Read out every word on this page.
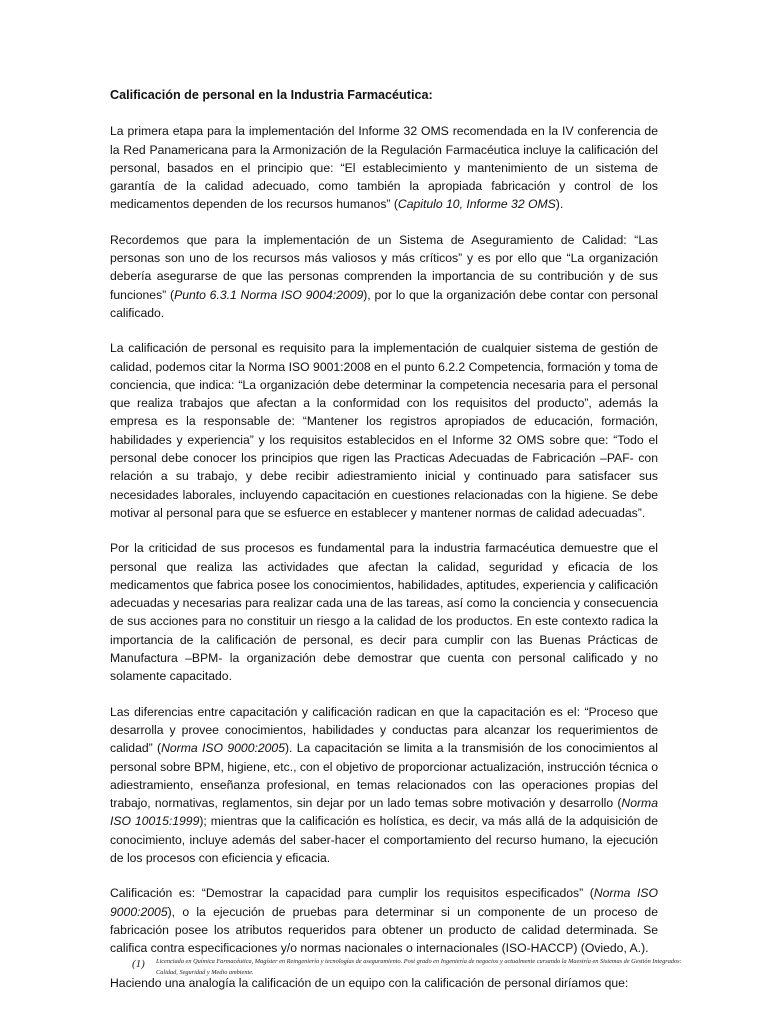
Calificación de personal en la Industria Farmacéutica:

La primera etapa para la implementación del Informe 32 OMS recomendada en la IV conferencia de la Red Panamericana para la Armonización de la Regulación Farmacéutica incluye la calificación del personal, basados en el principio que: “El establecimiento y mantenimiento de un sistema de garantía de la calidad adecuado, como también la apropiada fabricación y control de los medicamentos dependen de los recursos humanos” (Capitulo 10, Informe 32 OMS).

Recordemos que para la implementación de un Sistema de Aseguramiento de Calidad: “Las personas son uno de los recursos más valiosos y más críticos” y es por ello que “La organización debería asegurarse de que las personas comprenden la importancia de su contribución y de sus funciones” (Punto 6.3.1 Norma ISO 9004:2009), por lo que la organización debe contar con personal calificado.

La calificación de personal es requisito para la implementación de cualquier sistema de gestión de calidad, podemos citar la Norma ISO 9001:2008 en el punto 6.2.2 Competencia, formación y toma de conciencia, que indica: “La organización debe determinar la competencia necesaria para el personal que realiza trabajos que afectan a la conformidad con los requisitos del producto”, además la empresa es la responsable de: “Mantener los registros apropiados de educación, formación, habilidades y experiencia” y los requisitos establecidos en el Informe 32 OMS sobre que: “Todo el personal debe conocer los principios que rigen las Practicas Adecuadas de Fabricación –PAF- con relación a su trabajo, y debe recibir adiestramiento inicial y continuado para satisfacer sus necesidades laborales, incluyendo capacitación en cuestiones relacionadas con la higiene. Se debe motivar al personal para que se esfuerce en establecer y mantener normas de calidad adecuadas”.

Por la criticidad de sus procesos es fundamental para la industria farmacéutica demuestre que el personal que realiza las actividades que afectan la calidad, seguridad y eficacia de los medicamentos que fabrica posee los conocimientos, habilidades, aptitudes, experiencia y calificación adecuadas y necesarias para realizar cada una de las tareas, así como la conciencia y consecuencia de sus acciones para no constituir un riesgo a la calidad de los productos. En este contexto radica la importancia de la calificación de personal, es decir para cumplir con las Buenas Prácticas de Manufactura –BPM- la organización debe demostrar que cuenta con personal calificado y no solamente capacitado.

Las diferencias entre capacitación y calificación radican en que la capacitación es el: “Proceso que desarrolla y provee conocimientos, habilidades y conductas para alcanzar los requerimientos de calidad” (Norma ISO 9000:2005). La capacitación se limita a la transmisión de los conocimientos al personal sobre BPM, higiene, etc., con el objetivo de proporcionar actualización, instrucción técnica o adiestramiento, enseñanza profesional, en temas relacionados con las operaciones propias del trabajo, normativas, reglamentos, sin dejar por un lado temas sobre motivación y desarrollo (Norma ISO 10015:1999); mientras que la calificación es holística, es decir, va más allá de la adquisición de conocimiento, incluye además del saber-hacer el comportamiento del recurso humano, la ejecución de los procesos con eficiencia y eficacia.

Calificación es: “Demostrar la capacidad para cumplir los requisitos especificados” (Norma ISO 9000:2005), o la ejecución de pruebas para determinar si un componente de un proceso de fabricación posee los atributos requeridos para obtener un producto de calidad determinada. Se califica contra especificaciones y/o normas nacionales o internacionales (ISO-HACCP) (Oviedo, A.).

Haciendo una analogía la calificación de un equipo con la calificación de personal diríamos que:

(1) Licenciada en Química Farmacéutica, Magíster en Reingeniería y tecnologías de aseguramiento. Post grado en Ingeniería de negocios y actualmente cursando la Maestría en Sistemas de Gestión Integrados: Calidad, Seguridad y Medio ambiente.
